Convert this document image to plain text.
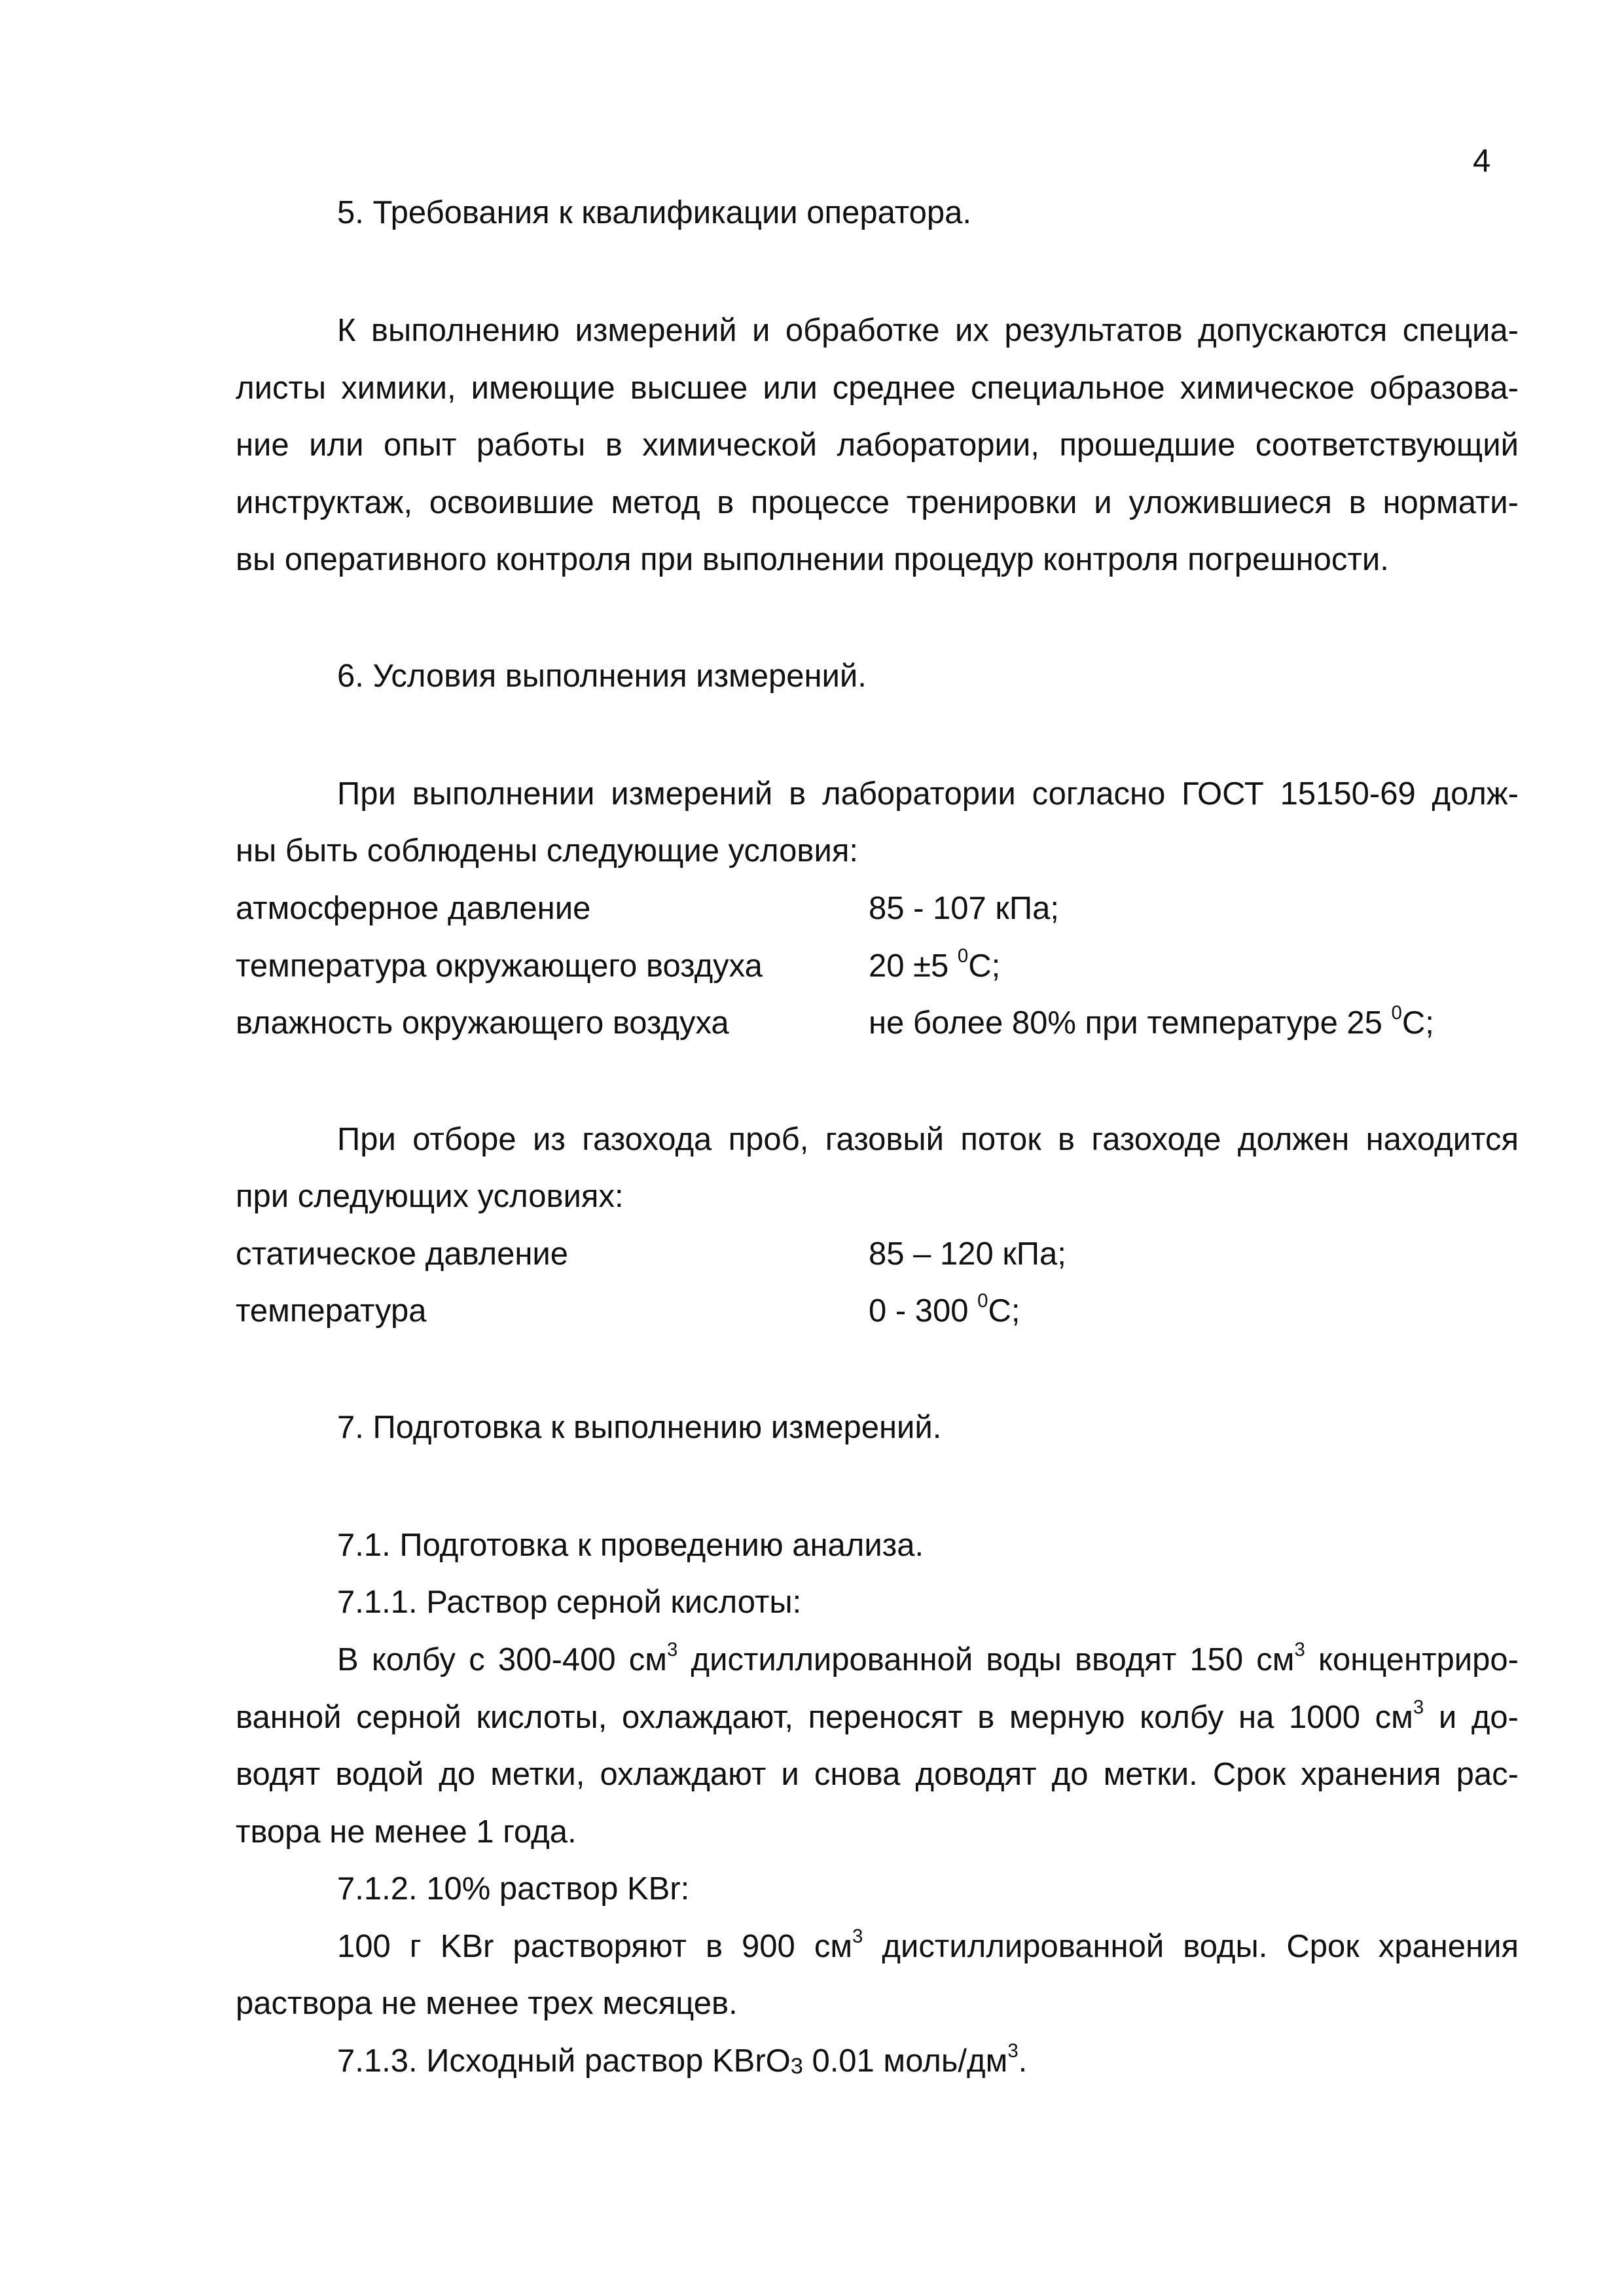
4
5. Требования к квалификации оператора.
К выполнению измерений и обработке их результатов допускаются специа-
листы химики, имеющие высшее или среднее специальное химическое образова-
ние или опыт работы в химической лаборатории, прошедшие соответствующий
инструктаж, освоившие метод в процессе тренировки и уложившиеся в нормати-
вы оперативного контроля при выполнении процедур контроля погрешности.
6. Условия выполнения измерений.
При выполнении измерений в лаборатории согласно ГОСТ 15150-69 долж-
ны быть соблюдены следующие условия:
атмосферное давление	85 - 107 кПа;
температура окружающего воздуха	20 ±5 $^0$С;
влажность окружающего воздуха	не более 80% при температуре 25 $^0$С;
При отборе из газохода проб, газовый поток в газоходе должен находится
при следующих условиях:
статическое давление	85 – 120 кПа;
температура	0 - 300 $^0$С;
7. Подготовка к выполнению измерений.
7.1. Подготовка к проведению анализа.
7.1.1. Раствор серной кислоты:
В колбу с 300-400 $см^3$ дистиллированной воды вводят 150 $см^3$ концентриро-
ванной серной кислоты, охлаждают, переносят в мерную колбу на 1000 $см^3$ и до-
водят водой до метки, охлаждают и снова доводят до метки. Срок хранения рас-
твора не менее 1 года.
7.1.2. 10% раствор KBr:
100 г KBr растворяют в 900 $см^3$ дистиллированной воды. Срок хранения
раствора не менее трех месяцев.
7.1.3. Исходный раствор KBrO$_3$ 0.01 моль/$дм^3$.
